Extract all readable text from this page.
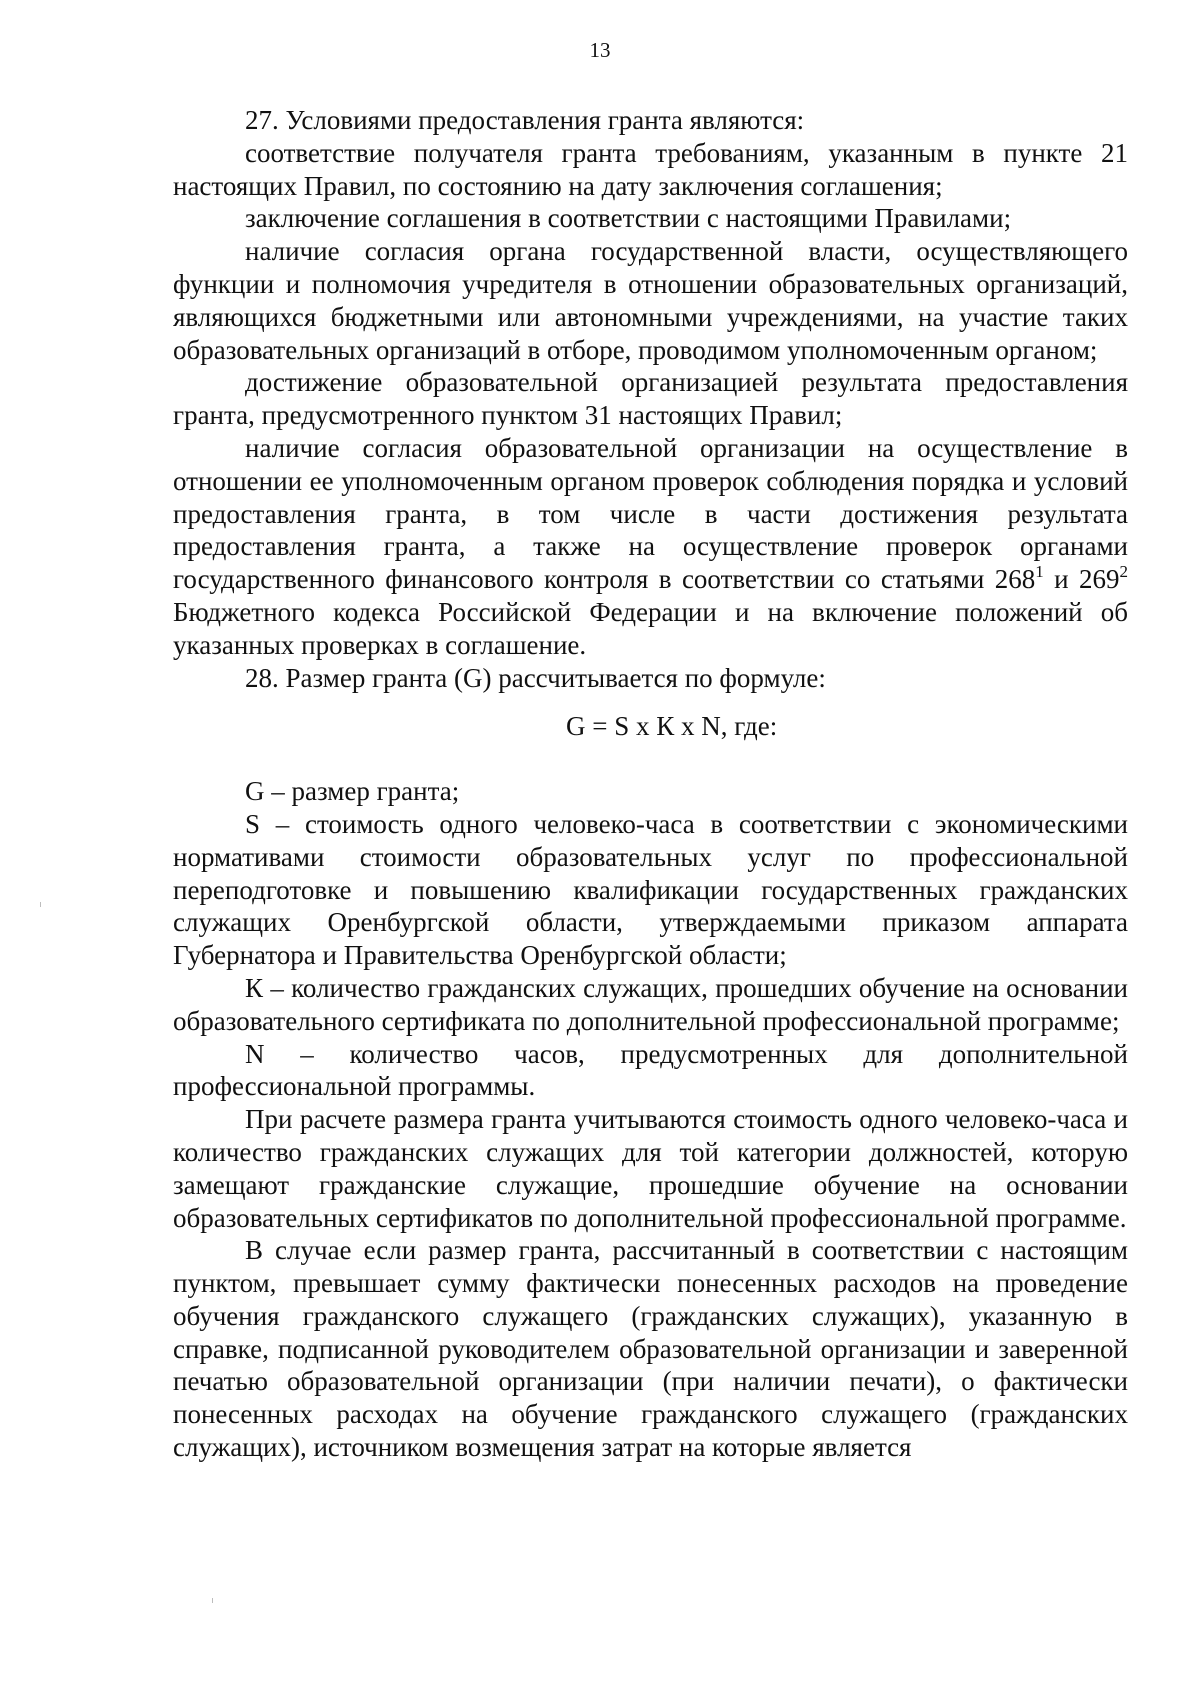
13

27. Условиями предоставления гранта являются:

соответствие получателя гранта требованиям, указанным в пункте 21 настоящих Правил, по состоянию на дату заключения соглашения;

заключение соглашения в соответствии с настоящими Правилами;

наличие согласия органа государственной власти, осуществляющего функции и полномочия учредителя в отношении образовательных организаций, являющихся бюджетными или автономными учреждениями, на участие таких образовательных организаций в отборе, проводимом уполномоченным органом;

достижение образовательной организацией результата предоставления гранта, предусмотренного пунктом 31 настоящих Правил;

наличие согласия образовательной организации на осуществление в отношении ее уполномоченным органом проверок соблюдения порядка и условий предоставления гранта, в том числе в части достижения результата предоставления гранта, а также на осуществление проверок органами государственного финансового контроля в соответствии со статьями $268^1$ и $269^2$ Бюджетного кодекса Российской Федерации и на включение положений об указанных проверках в соглашение.

28. Размер гранта (G) рассчитывается по формуле:

G = S x К x N, где:

G – размер гранта;

S – стоимость одного человеко-часа в соответствии с экономическими нормативами стоимости образовательных услуг по профессиональной переподготовке и повышению квалификации государственных гражданских служащих Оренбургской области, утверждаемыми приказом аппарата Губернатора и Правительства Оренбургской области;

К – количество гражданских служащих, прошедших обучение на основании образовательного сертификата по дополнительной профессиональной программе;

N – количество часов, предусмотренных для дополнительной профессиональной программы.

При расчете размера гранта учитываются стоимость одного человеко-часа и количество гражданских служащих для той категории должностей, которую замещают гражданские служащие, прошедшие обучение на основании образовательных сертификатов по дополнительной профессиональной программе.

В случае если размер гранта, рассчитанный в соответствии с настоящим пунктом, превышает сумму фактически понесенных расходов на проведение обучения гражданского служащего (гражданских служащих), указанную в справке, подписанной руководителем образовательной организации и заверенной печатью образовательной организации (при наличии печати), о фактически понесенных расходах на обучение гражданского служащего (гражданских служащих), источником возмещения затрат на которые является
